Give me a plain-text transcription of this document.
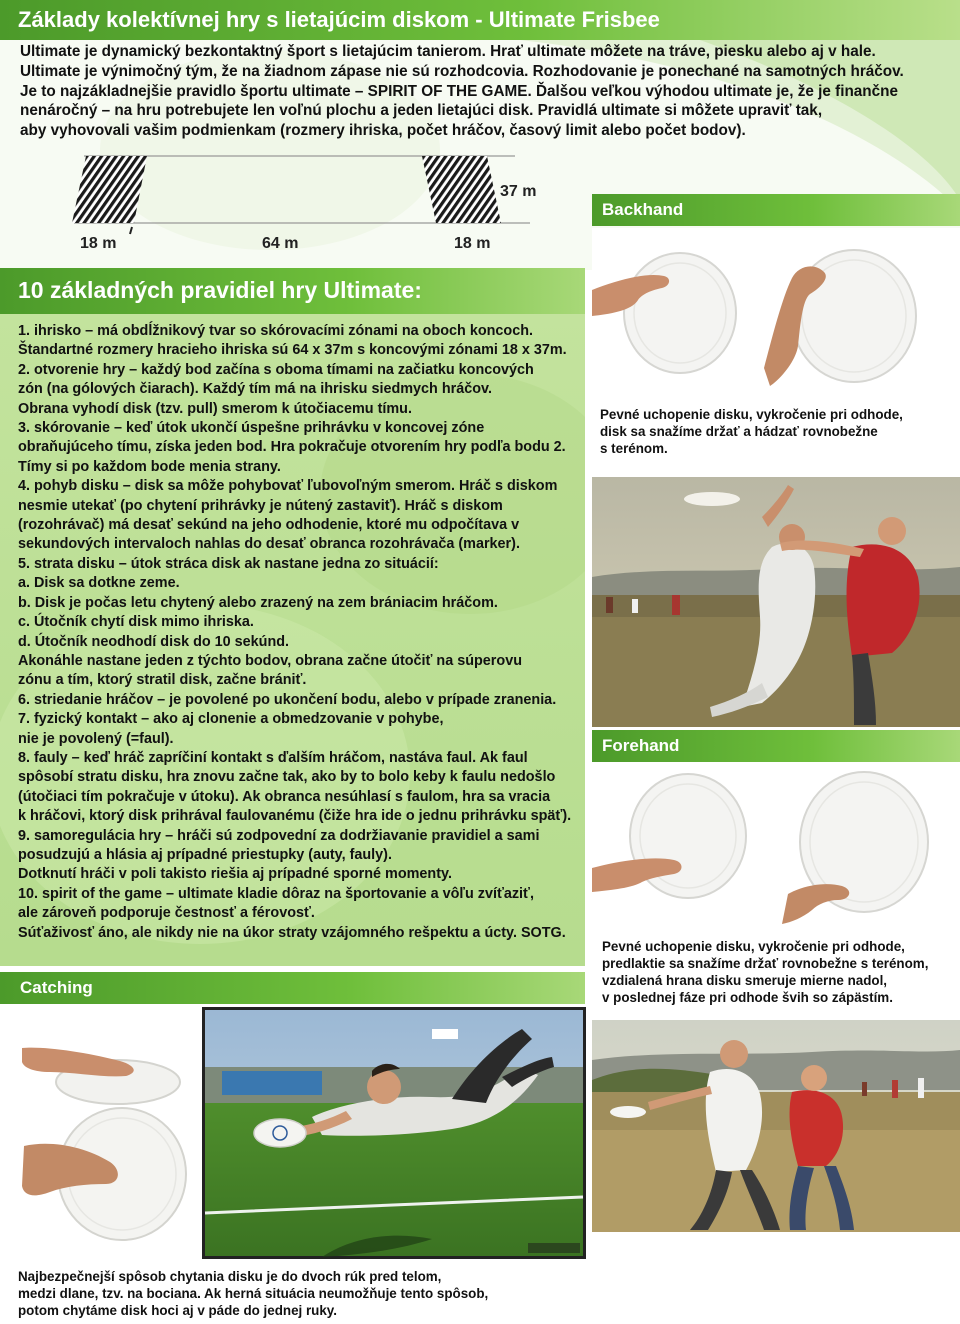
Základy kolektívnej hry s lietajúcim diskom - Ultimate Frisbee

Ultimate je dynamický bezkontaktný šport s lietajúcim tanierom. Hrať ultimate môžete na tráve, piesku alebo aj v hale.

Ultimate je výnimočný tým, že na žiadnom zápase nie sú rozhodcovia. Rozhodovanie je ponechané na samotných hráčov.

Je to najzákladnejšie pravidlo športu ultimate – SPIRIT OF THE GAME. Ďalšou veľkou výhodou ultimate je, že je finančne

nenáročný – na hru potrebujete len voľnú plochu a jeden lietajúci disk. Pravidlá ultimate si môžete upraviť tak,

aby vyhovovali vašim podmienkam (rozmery ihriska, počet hráčov, časový limit alebo počet bodov).

37 m
18 m	64 m	18 m
10 základných pravidiel hry Ultimate:

1. ihrisko – má obdĺžnikový tvar so skórovacími zónami na oboch koncoch.

Štandartné rozmery hracieho ihriska sú 64 x 37m s koncovými zónami 18 x 37m.

2. otvorenie hry – každý bod začína s oboma tímami na začiatku koncových

zón (na gólových čiarach). Každý tím má na ihrisku siedmych hráčov.

Obrana vyhodí disk (tzv. pull) smerom k útočiacemu tímu.

3. skórovanie – keď útok ukončí úspešne prihrávku v koncovej zóne

obraňujúceho tímu, získa jeden bod. Hra pokračuje otvorením hry podľa bodu 2.

Tímy si po každom bode menia strany.

4. pohyb disku – disk sa môže pohybovať ľubovoľným smerom. Hráč s diskom

nesmie utekať (po chytení prihrávky je nútený zastaviť). Hráč s diskom

(rozohrávač) má desať sekúnd na jeho odhodenie, ktoré mu odpočítava v

sekundových intervaloch nahlas do desať obranca rozohrávača (marker).

5. strata disku – útok stráca disk ak nastane jedna zo situácií:

a. Disk sa dotkne zeme.

b. Disk je počas letu chytený alebo zrazený na zem brániacim hráčom.

c. Útočník chytí disk mimo ihriska.

d. Útočník neodhodí disk do 10 sekúnd.

Akonáhle nastane jeden z týchto bodov, obrana začne útočiť na súperovu

zónu a tím, ktorý stratil disk, začne brániť.

6. striedanie hráčov – je povolené po ukončení bodu, alebo v prípade zranenia.

7. fyzický kontakt – ako aj clonenie a obmedzovanie v pohybe,

nie je povolený (=faul).

8. fauly – keď hráč zapríčiní kontakt s ďalším hráčom, nastáva faul. Ak faul

spôsobí stratu disku, hra znovu začne tak, ako by to bolo keby k faulu nedošlo

(útočiaci tím pokračuje v útoku). Ak obranca nesúhlasí s faulom, hra sa vracia

k hráčovi, ktorý disk prihrával faulovanému (čiže hra ide o jednu prihrávku späť).

9. samoregulácia hry – hráči sú zodpovední za dodržiavanie pravidiel a sami

posudzujú a hlásia aj prípadné priestupky (auty, fauly).

Dotknutí hráči v poli takisto riešia aj prípadné sporné momenty.

10. spirit of the game – ultimate kladie dôraz na športovanie a vôľu zvíťaziť,

ale zároveň podporuje čestnosť a férovosť.

Súťaživosť áno, ale nikdy nie na úkor straty vzájomného rešpektu a úcty. SOTG.

Backhand

Pevné uchopenie disku, vykročenie pri odhode,

disk sa snažíme držať a hádzať rovnobežne

s terénom.

Forehand

Pevné uchopenie disku, vykročenie pri odhode,

predlaktie sa snažíme držať rovnobežne s terénom,

vzdialená hrana disku smeruje mierne nadol,

v poslednej fáze pri odhode švih so zápästím.

Catching

Najbezpečnejší spôsob chytania disku je do dvoch rúk pred telom,

medzi dlane, tzv. na bociana. Ak herná situácia neumožňuje tento spôsob,

potom chytáme disk hoci aj v páde do jednej ruky.
